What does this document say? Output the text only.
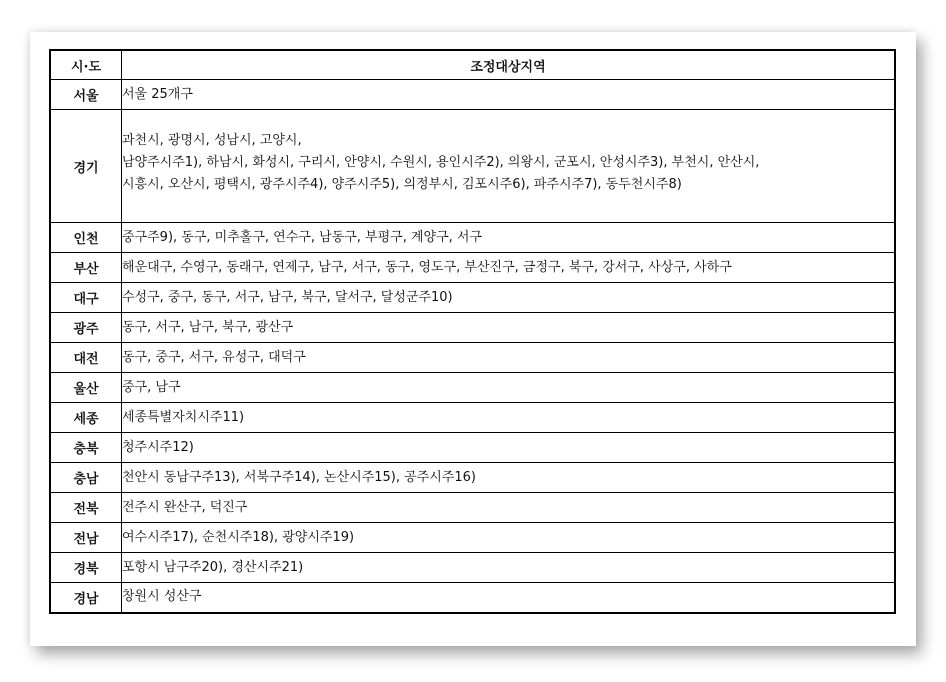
시·도	조정대상지역
서울	서울 25개구

경기	과천시, 광명시, 성남시, 고양시,
남양주시주1), 하남시, 화성시, 구리시, 안양시, 수원시, 용인시주2), 의왕시, 군포시, 안성시주3), 부천시, 안산시,
시흥시, 오산시, 평택시, 광주시주4), 양주시주5), 의정부시, 김포시주6), 파주시주7), 동두천시주8)

인천	중구주9), 동구, 미추홀구, 연수구, 남동구, 부평구, 계양구, 서구

부산	해운대구, 수영구, 동래구, 연제구, 남구, 서구, 동구, 영도구, 부산진구, 금정구, 북구, 강서구, 사상구, 사하구

대구	수성구, 중구, 동구, 서구, 남구, 북구, 달서구, 달성군주10)

광주	동구, 서구, 남구, 북구, 광산구

대전	동구, 중구, 서구, 유성구, 대덕구

울산	중구, 남구

세종	세종특별자치시주11)

충북	청주시주12)

충남	천안시 동남구주13), 서북구주14), 논산시주15), 공주시주16)

전북	전주시 완산구, 덕진구

전남	여수시주17), 순천시주18), 광양시주19)

경북	포항시 남구주20), 경산시주21)

경남	창원시 성산구
